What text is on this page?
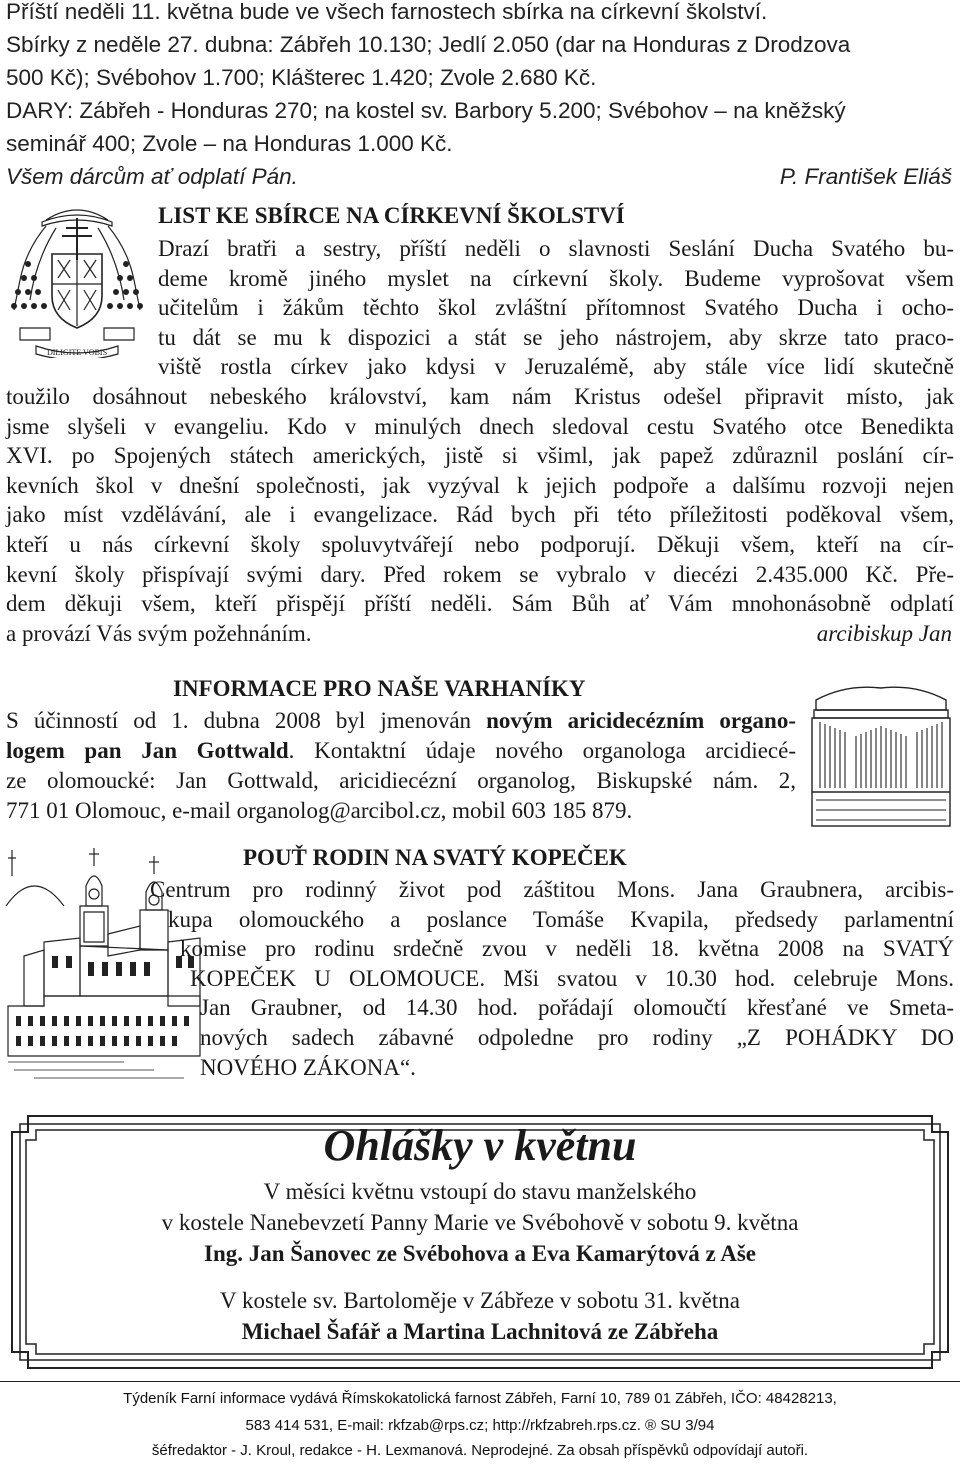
Příští neděli 11. května bude ve všech farnostech sbírka na církevní školství.
Sbírky z neděle 27. dubna: Zábřeh 10.130; Jedlí 2.050 (dar na Honduras z Drodzova
500 Kč); Svébohov 1.700; Klášterec 1.420; Zvole 2.680 Kč.
DARY: Zábřeh - Honduras 270; na kostel sv. Barbory 5.200; Svébohov – na kněžský
seminář 400; Zvole – na Honduras 1.000 Kč.
Všem dárcům ať odplatí Pán.	P. František Eliáš
DILIGITE VOBIS
LIST KE SBÍRCE NA CÍRKEVNÍ ŠKOLSTVÍ
Drazí bratři a sestry, příští neděli o slavnosti Seslání Ducha Svatého bu-
deme kromě jiného myslet na církevní školy. Budeme vyprošovat všem
učitelům i žákům těchto škol zvláštní přítomnost Svatého Ducha i ocho-
tu dát se mu k dispozici a stát se jeho nástrojem, aby skrze tato praco-
viště rostla církev jako kdysi v Jeruzalémě, aby stále více lidí skutečně
toužilo dosáhnout nebeského království, kam nám Kristus odešel připravit místo, jak
jsme slyšeli v evangeliu. Kdo v minulých dnech sledoval cestu Svatého otce Benedikta
XVI. po Spojených státech amerických, jistě si všiml, jak papež zdůraznil poslání cír-
kevních škol v dnešní společnosti, jak vyzýval k jejich podpoře a dalšímu rozvoji nejen
jako míst vzdělávání, ale i evangelizace. Rád bych při této příležitosti poděkoval všem,
kteří u nás církevní školy spoluvytvářejí nebo podporují. Děkuji všem, kteří na cír-
kevní školy přispívají svými dary. Před rokem se vybralo v diecézi 2.435.000 Kč. Pře-
dem děkuji všem, kteří přispějí příští neděli. Sám Bůh ať Vám mnohonásobně odplatí
a provází Vás svým požehnáním.	arcibiskup Jan
INFORMACE PRO NAŠE VARHANÍKY
S účinností od 1. dubna 2008 byl jmenován novým aricidecézním organo-
logem pan Jan Gottwald. Kontaktní údaje nového organologa arcidiecé-
ze olomoucké: Jan Gottwald, aricidiecézní organolog, Biskupské nám. 2,
771 01 Olomouc, e-mail organolog@arcibol.cz, mobil 603 185 879.
POUŤ RODIN NA SVATÝ KOPEČEK
Centrum pro rodinný život pod záštitou Mons. Jana Graubnera, arcibis-
kupa olomouckého a poslance Tomáše Kvapila, předsedy parlamentní
komise pro rodinu srdečně zvou v neděli 18. května 2008 na SVATÝ
KOPEČEK U OLOMOUCE. Mši svatou v 10.30 hod. celebruje Mons.
Jan Graubner, od 14.30 hod. pořádají olomoučtí křesťané ve Smeta-
nových sadech zábavné odpoledne pro rodiny „Z POHÁDKY DO
NOVÉHO ZÁKONA“.
Ohlášky v květnu
V měsíci květnu vstoupí do stavu manželského
v kostele Nanebevzetí Panny Marie ve Svébohově v sobotu 9. května
Ing. Jan Šanovec ze Svébohova a Eva Kamarýtová z Aše
V kostele sv. Bartoloměje v Zábřeze v sobotu 31. května
Michael Šafář a Martina Lachnitová ze Zábřeha
Týdeník Farní informace vydává Římskokatolická farnost Zábřeh, Farní 10, 789 01 Zábřeh, IČO: 48428213,
583 414 531, E-mail: rkfzab@rps.cz; http://rkfzabreh.rps.cz. ® SU 3/94
šéfredaktor - J. Kroul, redakce - H. Lexmanová. Neprodejné. Za obsah příspěvků odpovídají autoři.
